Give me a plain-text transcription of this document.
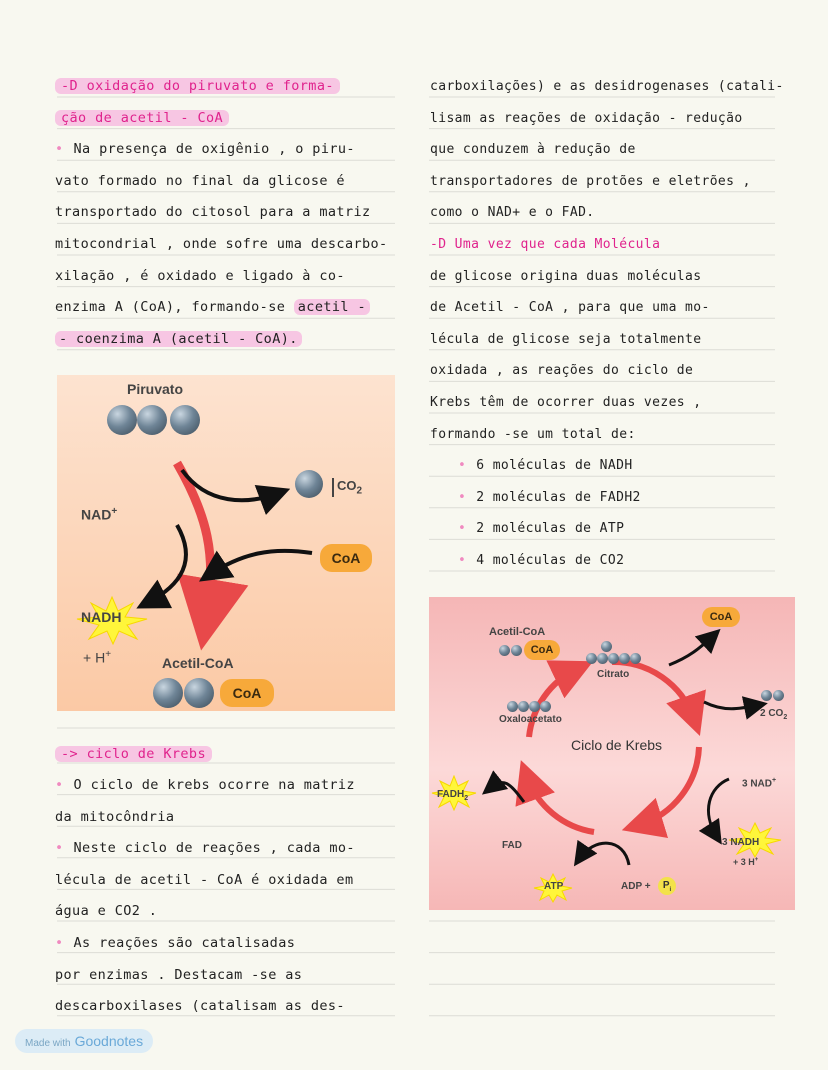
-D oxidação do piruvato e forma-
ção de acetil - CoA
• Na presença de oxigênio , o piru-
vato formado no final da glicose é
transportado do citosol para a matriz
mitocondrial , onde sofre uma descarbo-
xilação , é oxidado e ligado à co-
enzima A (CoA), formando-se acetil -
- coenzima A (acetil - CoA).
Piruvato
$CO_2$
NAD+
CoA
NADH
+ H+
Acetil-CoA
CoA
-> ciclo de Krebs
• O ciclo de krebs ocorre na matriz
da mitocôndria
• Neste ciclo de reações , cada mo-
lécula de acetil - CoA é oxidada em
água e CO2 .
• As reações são catalisadas
por enzimas . Destacam -se as
descarboxilases (catalisam as des-
carboxilações) e as desidrogenases (catali-
lisam as reações de oxidação - redução
que conduzem à redução de
transportadores de protões e eletrões ,
como o NAD+ e o FAD.
-D Uma vez que cada Molécula
de glicose origina duas moléculas
de Acetil - CoA , para que uma mo-
lécula de glicose seja totalmente
oxidada , as reações do ciclo de
Krebs têm de ocorrer duas vezes ,
formando -se um total de:
• 6 moléculas de NADH
• 2 moléculas de FADH2
• 2 moléculas de ATP
• 4 moléculas de CO2
Acetil-CoA
CoA
CoA
Citrato
2 $CO_2$
Oxaloacetato
Ciclo de Krebs
3 NAD+
3 NADH
+ 3 H+
$FADH_2$
FAD
ATP	ADP +	$P_i$
Made with Goodnotes
